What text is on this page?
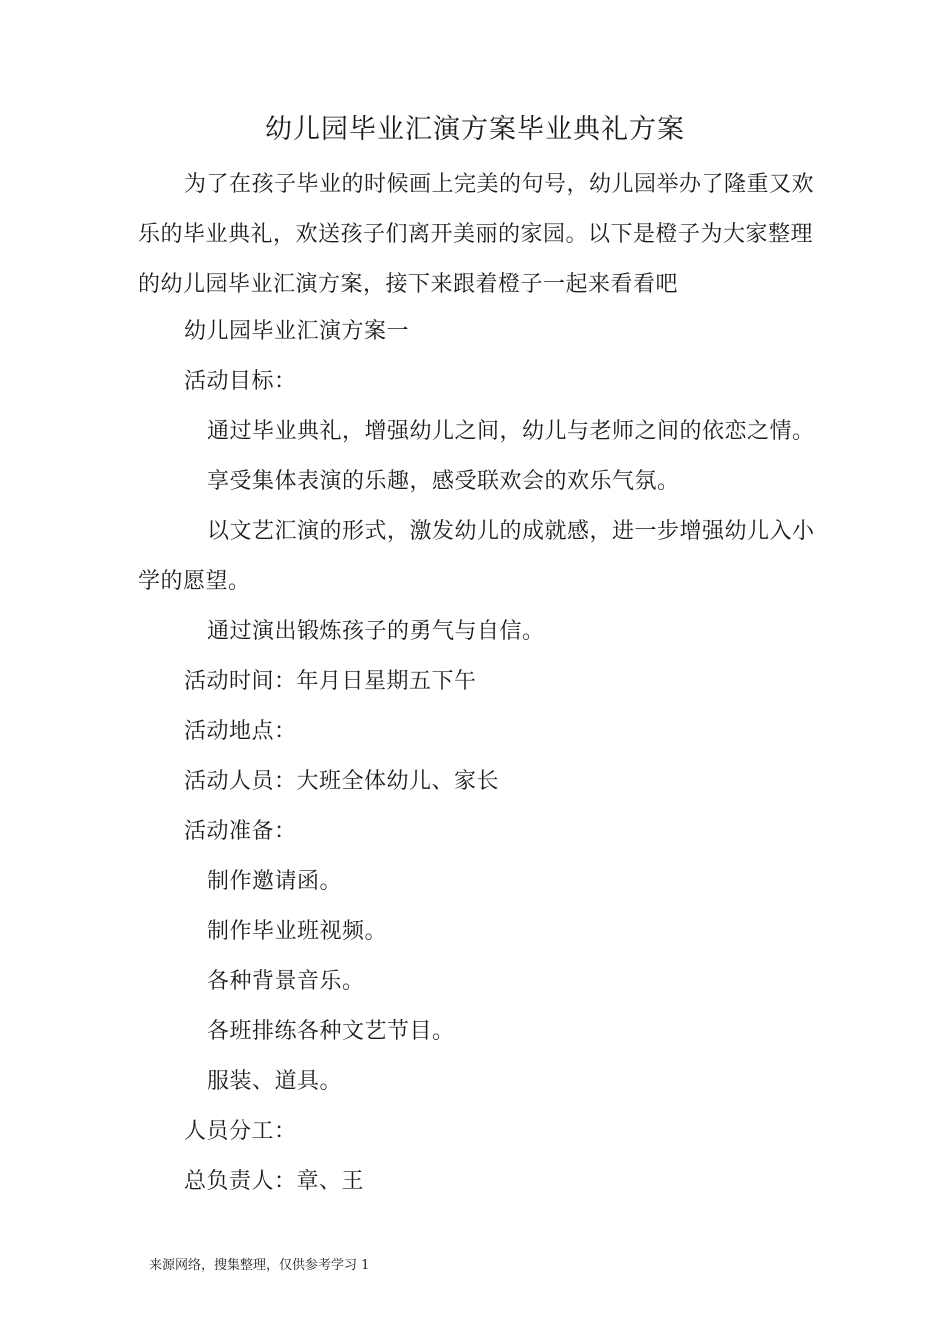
幼儿园毕业汇演方案毕业典礼方案

为了在孩子毕业的时候画上完美的句号，幼儿园举办了隆重又欢乐的毕业典礼，欢送孩子们离开美丽的家园。以下是橙子为大家整理的幼儿园毕业汇演方案，接下来跟着橙子一起来看看吧

幼儿园毕业汇演方案一
活动目标：
通过毕业典礼，增强幼儿之间，幼儿与老师之间的依恋之情。
享受集体表演的乐趣，感受联欢会的欢乐气氛。

以文艺汇演的形式，激发幼儿的成就感，进一步增强幼儿入小学的愿望。

通过演出锻炼孩子的勇气与自信。
活动时间：年月日星期五下午
活动地点：
活动人员：大班全体幼儿、家长
活动准备：
制作邀请函。
制作毕业班视频。
各种背景音乐。
各班排练各种文艺节目。
服装、道具。
人员分工：
总负责人：章、王
来源网络，搜集整理，仅供参考学习 1
